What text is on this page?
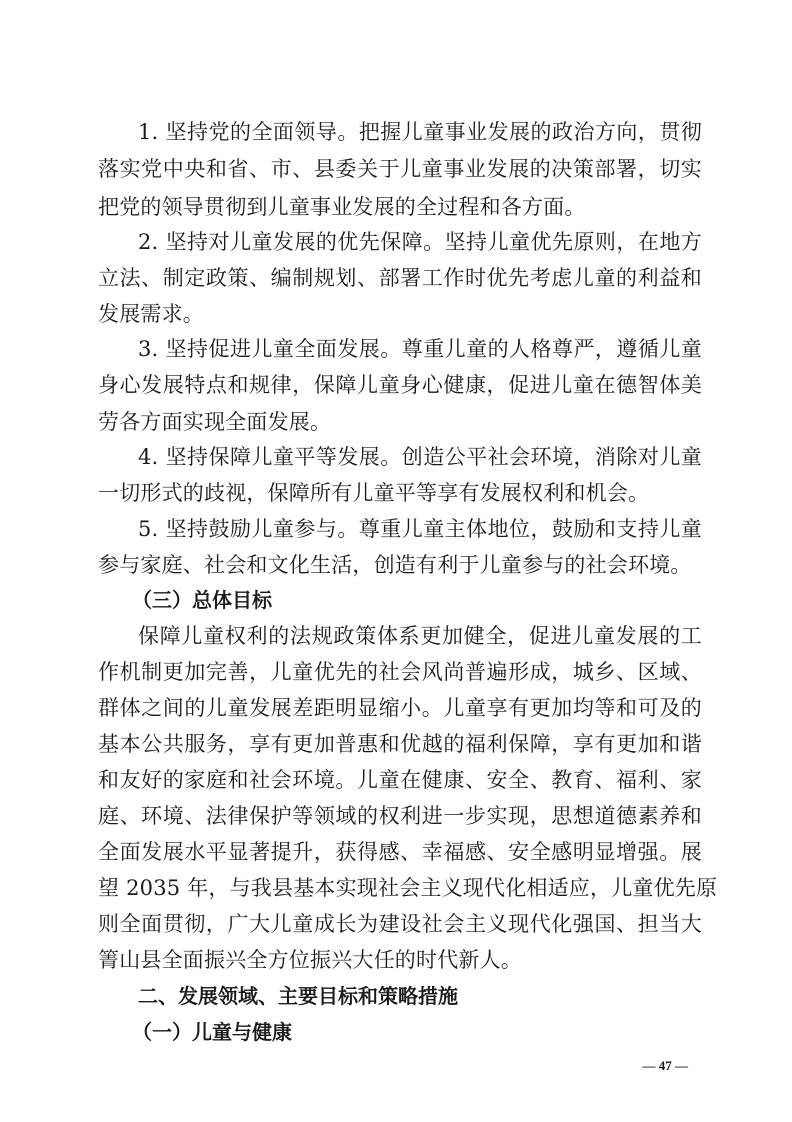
1. 坚持党的全面领导。把握儿童事业发展的政治方向，贯彻
落实党中央和省、市、县委关于儿童事业发展的决策部署，切实
把党的领导贯彻到儿童事业发展的全过程和各方面。
2. 坚持对儿童发展的优先保障。坚持儿童优先原则，在地方
立法、制定政策、编制规划、部署工作时优先考虑儿童的利益和
发展需求。
3. 坚持促进儿童全面发展。尊重儿童的人格尊严，遵循儿童
身心发展特点和规律，保障儿童身心健康，促进儿童在德智体美
劳各方面实现全面发展。
4. 坚持保障儿童平等发展。创造公平社会环境，消除对儿童
一切形式的歧视，保障所有儿童平等享有发展权利和机会。
5. 坚持鼓励儿童参与。尊重儿童主体地位，鼓励和支持儿童
参与家庭、社会和文化生活，创造有利于儿童参与的社会环境。
（三）总体目标
保障儿童权利的法规政策体系更加健全，促进儿童发展的工
作机制更加完善，儿童优先的社会风尚普遍形成，城乡、区域、
群体之间的儿童发展差距明显缩小。儿童享有更加均等和可及的
基本公共服务，享有更加普惠和优越的福利保障，享有更加和谐
和友好的家庭和社会环境。儿童在健康、安全、教育、福利、家
庭、环境、法律保护等领域的权利进一步实现，思想道德素养和
全面发展水平显著提升，获得感、幸福感、安全感明显增强。展
望 2035 年，与我县基本实现社会主义现代化相适应，儿童优先原
则全面贯彻，广大儿童成长为建设社会主义现代化强国、担当大
箐山县全面振兴全方位振兴大任的时代新人。
二、发展领域、主要目标和策略措施
（一）儿童与健康
— 47 —
